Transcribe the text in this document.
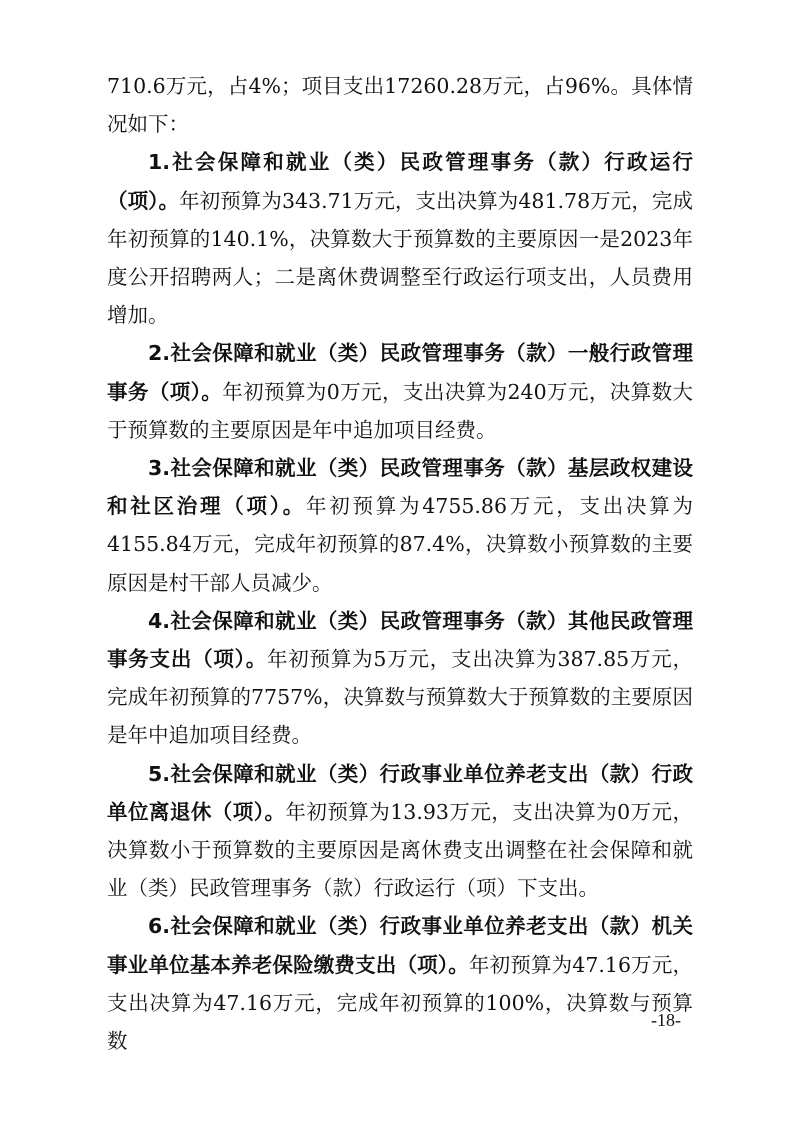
710.6万元，占4%；项目支出17260.28万元，占96%。具体情况如下：

1.社会保障和就业（类）民政管理事务（款）行政运行（项）。年初预算为343.71万元，支出决算为481.78万元，完成年初预算的140.1%，决算数大于预算数的主要原因一是2023年度公开招聘两人；二是离休费调整至行政运行项支出，人员费用增加。

2.社会保障和就业（类）民政管理事务（款）一般行政管理事务（项）。年初预算为0万元，支出决算为240万元，决算数大于预算数的主要原因是年中追加项目经费。

3.社会保障和就业（类）民政管理事务（款）基层政权建设和社区治理（项）。年初预算为4755.86万元，支出决算为4155.84万元，完成年初预算的87.4%，决算数小预算数的主要原因是村干部人员减少。

4.社会保障和就业（类）民政管理事务（款）其他民政管理事务支出（项）。年初预算为5万元，支出决算为387.85万元，完成年初预算的7757%，决算数与预算数大于预算数的主要原因是年中追加项目经费。

5.社会保障和就业（类）行政事业单位养老支出（款）行政单位离退休（项）。年初预算为13.93万元，支出决算为0万元，决算数小于预算数的主要原因是离休费支出调整在社会保障和就业（类）民政管理事务（款）行政运行（项）下支出。

6.社会保障和就业（类）行政事业单位养老支出（款）机关事业单位基本养老保险缴费支出（项）。年初预算为47.16万元，支出决算为47.16万元，完成年初预算的100%，决算数与预算数

-18-
